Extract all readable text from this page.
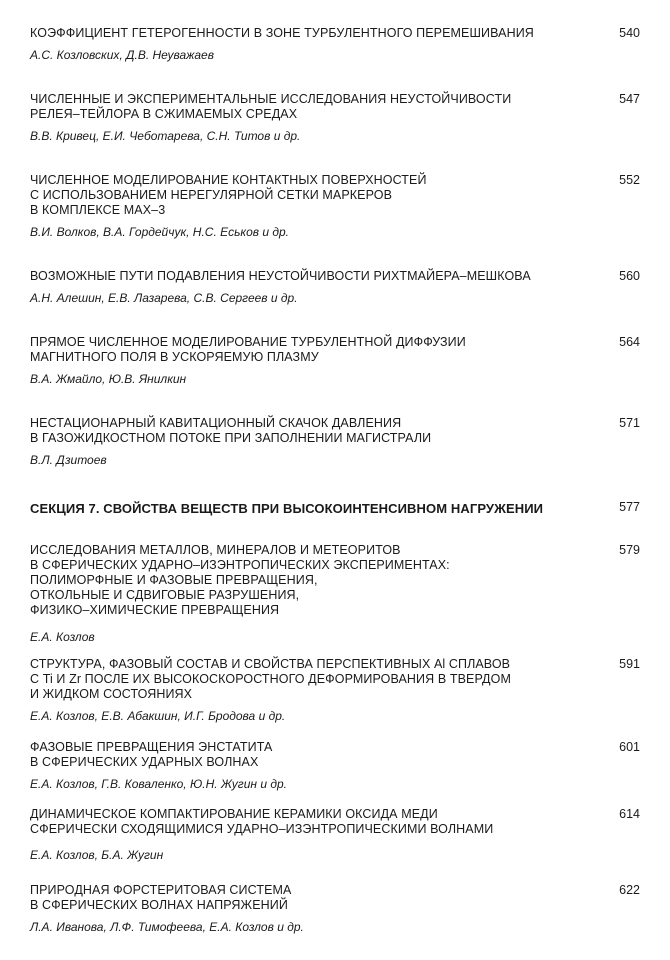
КОЭФФИЦИЕНТ ГЕТЕРОГЕННОСТИ В ЗОНЕ ТУРБУЛЕНТНОГО ПЕРЕМЕШИВАНИЯ
А.С. Козловских, Д.В. Неуважаев
540
ЧИСЛЕННЫЕ И ЭКСПЕРИМЕНТАЛЬНЫЕ ИССЛЕДОВАНИЯ НЕУСТОЙЧИВОСТИ
РЕЛЕЯ–ТЕЙЛОРА В СЖИМАЕМЫХ СРЕДАХ
В.В. Кривец, Е.И. Чеботарева, С.Н. Титов и др.
547
ЧИСЛЕННОЕ МОДЕЛИРОВАНИЕ КОНТАКТНЫХ ПОВЕРХНОСТЕЙ
С ИСПОЛЬЗОВАНИЕМ НЕРЕГУЛЯРНОЙ СЕТКИ МАРКЕРОВ
В КОМПЛЕКСЕ МАХ–3
В.И. Волков, В.А. Гордейчук, Н.С. Еськов и др.
552
ВОЗМОЖНЫЕ ПУТИ ПОДАВЛЕНИЯ НЕУСТОЙЧИВОСТИ РИХТМАЙЕРА–МЕШКОВА
А.Н. Алешин, Е.В. Лазарева, С.В. Сергеев и др.
560
ПРЯМОЕ ЧИСЛЕННОЕ МОДЕЛИРОВАНИЕ ТУРБУЛЕНТНОЙ ДИФФУЗИИ
МАГНИТНОГО ПОЛЯ В УСКОРЯЕМУЮ ПЛАЗМУ
В.А. Жмайло, Ю.В. Янилкин
564
НЕСТАЦИОНАРНЫЙ КАВИТАЦИОННЫЙ СКАЧОК ДАВЛЕНИЯ
В ГАЗОЖИДКОСТНОМ ПОТОКЕ ПРИ ЗАПОЛНЕНИИ МАГИСТРАЛИ
В.Л. Дзитоев
571
СЕКЦИЯ 7. СВОЙСТВА ВЕЩЕСТВ ПРИ ВЫСОКОИНТЕНСИВНОМ НАГРУЖЕНИИ	577
ИССЛЕДОВАНИЯ МЕТАЛЛОВ, МИНЕРАЛОВ И МЕТЕОРИТОВ
В СФЕРИЧЕСКИХ УДАРНО–ИЗЭНТРОПИЧЕСКИХ ЭКСПЕРИМЕНТАХ:
ПОЛИМОРФНЫЕ И ФАЗОВЫЕ ПРЕВРАЩЕНИЯ,
ОТКОЛЬНЫЕ И СДВИГОВЫЕ РАЗРУШЕНИЯ,
ФИЗИКО–ХИМИЧЕСКИЕ ПРЕВРАЩЕНИЯ
Е.А. Козлов
579
СТРУКТУРА, ФАЗОВЫЙ СОСТАВ И СВОЙСТВА ПЕРСПЕКТИВНЫХ Al СПЛАВОВ
С Ti И Zr ПОСЛЕ ИХ ВЫСОКОСКОРОСТНОГО ДЕФОРМИРОВАНИЯ В ТВЕРДОМ
И ЖИДКОМ СОСТОЯНИЯХ
Е.А. Козлов, Е.В. Абакшин, И.Г. Бродова и др.
591
ФАЗОВЫЕ ПРЕВРАЩЕНИЯ ЭНСТАТИТА
В СФЕРИЧЕСКИХ УДАРНЫХ ВОЛНАХ
Е.А. Козлов, Г.В. Коваленко, Ю.Н. Жугин и др.
601
ДИНАМИЧЕСКОЕ КОМПАКТИРОВАНИЕ КЕРАМИКИ ОКСИДА МЕДИ
СФЕРИЧЕСКИ СХОДЯЩИМИСЯ УДАРНО–ИЗЭНТРОПИЧЕСКИМИ ВОЛНАМИ
Е.А. Козлов, Б.А. Жугин
614
ПРИРОДНАЯ ФОРСТЕРИТОВАЯ СИСТЕМА
В СФЕРИЧЕСКИХ ВОЛНАХ НАПРЯЖЕНИЙ
Л.А. Иванова, Л.Ф. Тимофеева, Е.А. Козлов и др.
622
